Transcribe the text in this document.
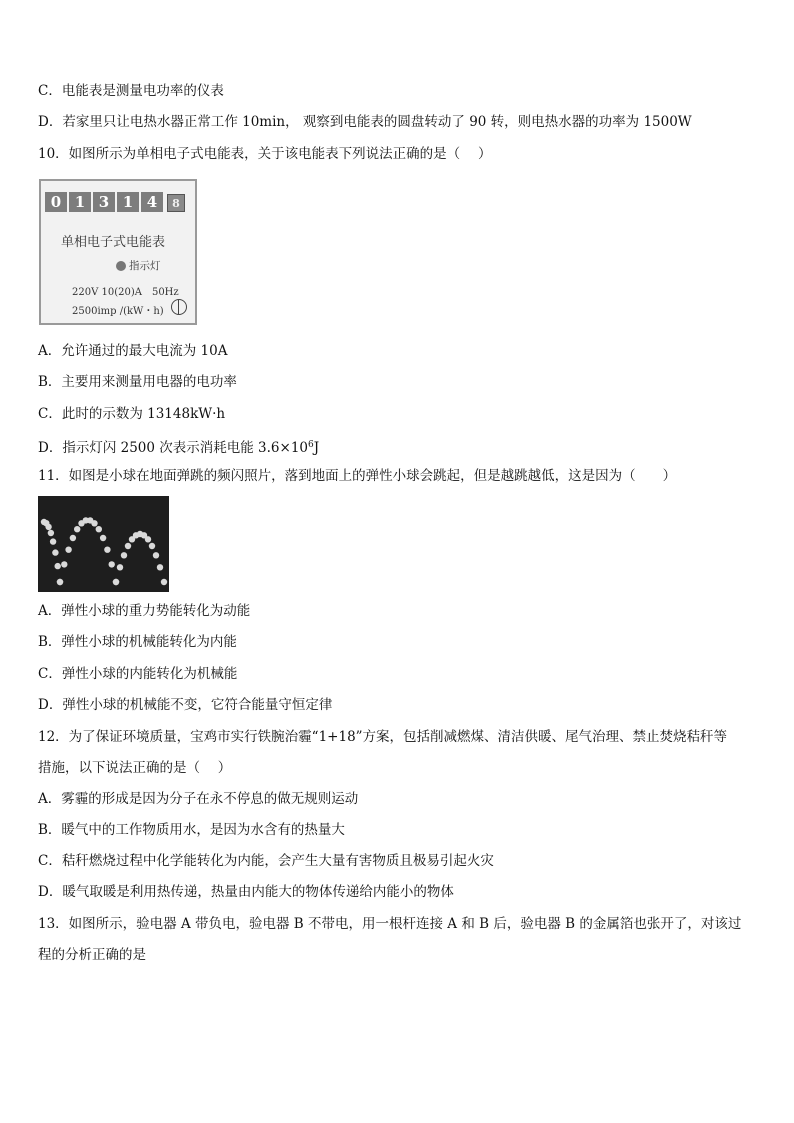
C．电能表是测量电功率的仪表
D．若家里只让电热水器正常工作 10min， 观察到电能表的圆盘转动了 90 转，则电热水器的功率为 1500W
10．如图所示为单相电子式电能表，关于该电能表下列说法正确的是（　 ）
0 1 3 1 4	8
单相电子式电能表
指示灯
220V 10(20)A　50Hz
2500imp /(kW・h)
A．允许通过的最大电流为 10A
B．主要用来测量用电器的电功率
C．此时的示数为 13148kW·h
D．指示灯闪 2500 次表示消耗电能 $3.6\times 10^6J$
11．如图是小球在地面弹跳的频闪照片，落到地面上的弹性小球会跳起，但是越跳越低，这是因为（　　）
A．弹性小球的重力势能转化为动能
B．弹性小球的机械能转化为内能
C．弹性小球的内能转化为机械能
D．弹性小球的机械能不变，它符合能量守恒定律
12．为了保证环境质量，宝鸡市实行铁腕治霾“1+18”方案，包括削减燃煤、清洁供暖、尾气治理、禁止焚烧秸秆等
措施，以下说法正确的是（　 ）
A．雾霾的形成是因为分子在永不停息的做无规则运动
B．暖气中的工作物质用水，是因为水含有的热量大
C．秸秆燃烧过程中化学能转化为内能，会产生大量有害物质且极易引起火灾
D．暖气取暖是利用热传递，热量由内能大的物体传递给内能小的物体
13．如图所示，验电器 A 带负电，验电器 B 不带电，用一根杆连接 A 和 B 后，验电器 B 的金属箔也张开了，对该过
程的分析正确的是
